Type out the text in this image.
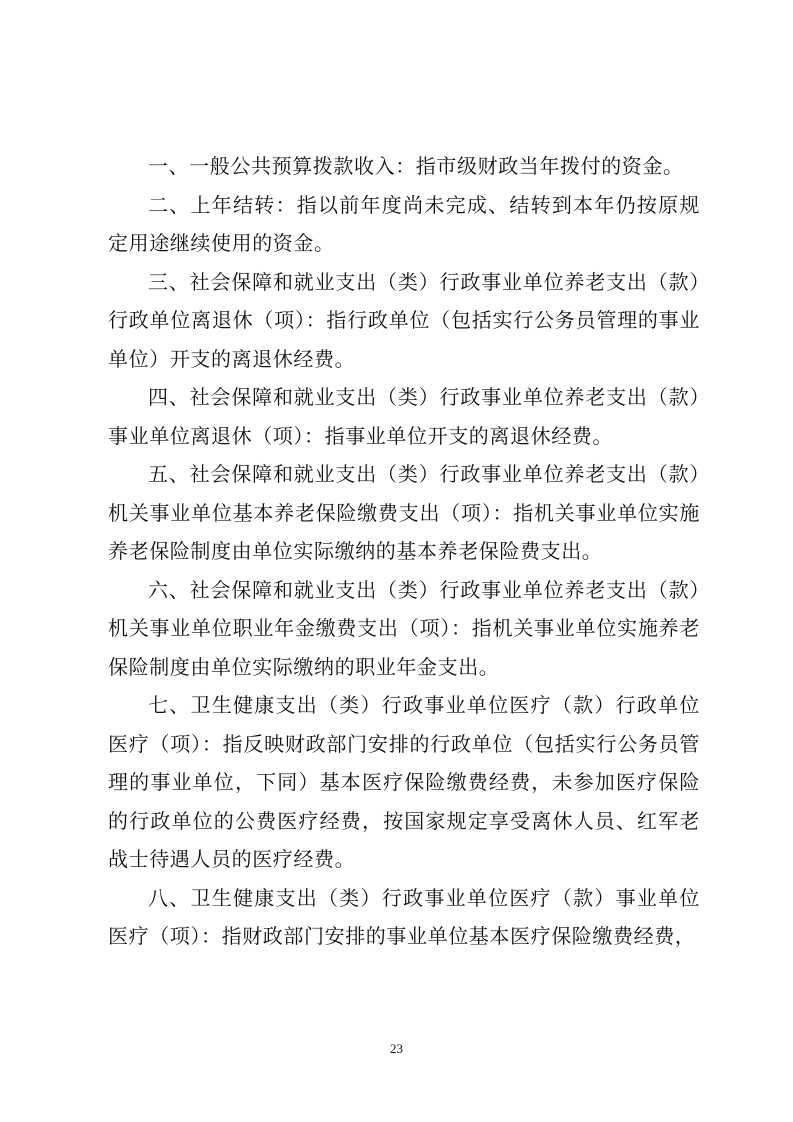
一、一般公共预算拨款收入：指市级财政当年拨付的资金。

二、上年结转：指以前年度尚未完成、结转到本年仍按原规定用途继续使用的资金。

三、社会保障和就业支出（类）行政事业单位养老支出（款）行政单位离退休（项）：指行政单位（包括实行公务员管理的事业单位）开支的离退休经费。

四、社会保障和就业支出（类）行政事业单位养老支出（款）事业单位离退休（项）：指事业单位开支的离退休经费。

五、社会保障和就业支出（类）行政事业单位养老支出（款）机关事业单位基本养老保险缴费支出（项）：指机关事业单位实施养老保险制度由单位实际缴纳的基本养老保险费支出。

六、社会保障和就业支出（类）行政事业单位养老支出（款）机关事业单位职业年金缴费支出（项）：指机关事业单位实施养老保险制度由单位实际缴纳的职业年金支出。

七、卫生健康支出（类）行政事业单位医疗（款）行政单位医疗（项）：指反映财政部门安排的行政单位（包括实行公务员管理的事业单位，下同）基本医疗保险缴费经费，未参加医疗保险的行政单位的公费医疗经费，按国家规定享受离休人员、红军老战士待遇人员的医疗经费。

八、卫生健康支出（类）行政事业单位医疗（款）事业单位医疗（项）：指财政部门安排的事业单位基本医疗保险缴费经费，

23
